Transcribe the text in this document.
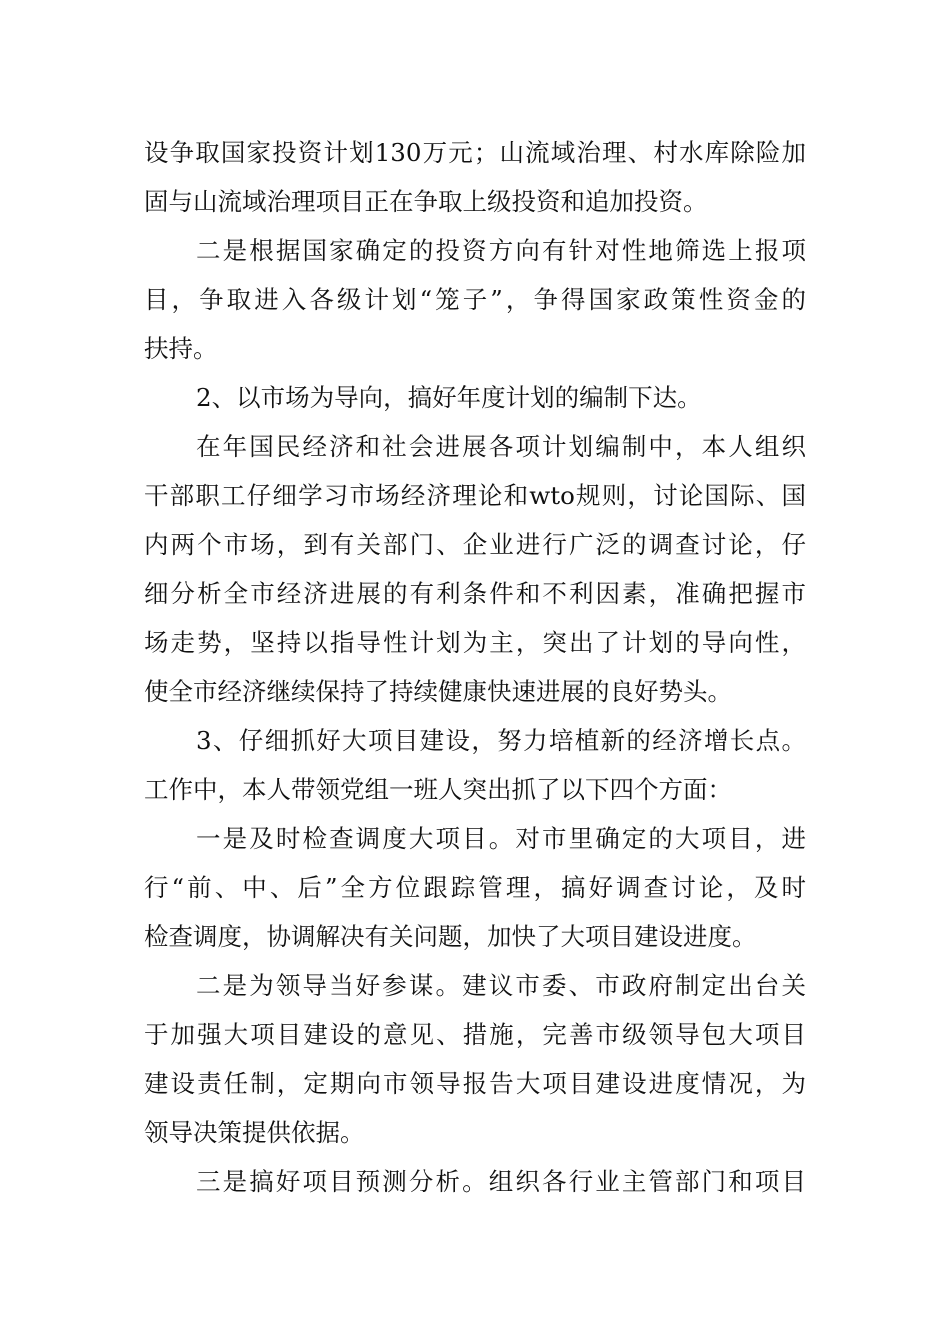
设争取国家投资计划130万元；山流域治理、村水库除险加
固与山流域治理项目正在争取上级投资和追加投资。
二是根据国家确定的投资方向有针对性地筛选上报项
目，争取进入各级计划“笼子”，争得国家政策性资金的
扶持。
2、以市场为导向，搞好年度计划的编制下达。
在年国民经济和社会进展各项计划编制中，本人组织
干部职工仔细学习市场经济理论和wto规则，讨论国际、国
内两个市场，到有关部门、企业进行广泛的调查讨论，仔
细分析全市经济进展的有利条件和不利因素，准确把握市
场走势，坚持以指导性计划为主，突出了计划的导向性，
使全市经济继续保持了持续健康快速进展的良好势头。
3、仔细抓好大项目建设，努力培植新的经济增长点。
工作中，本人带领党组一班人突出抓了以下四个方面：
一是及时检查调度大项目。对市里确定的大项目，进
行“前、中、后”全方位跟踪管理，搞好调查讨论，及时
检查调度，协调解决有关问题，加快了大项目建设进度。
二是为领导当好参谋。建议市委、市政府制定出台关
于加强大项目建设的意见、措施，完善市级领导包大项目
建设责任制，定期向市领导报告大项目建设进度情况，为
领导决策提供依据。
三是搞好项目预测分析。组织各行业主管部门和项目
